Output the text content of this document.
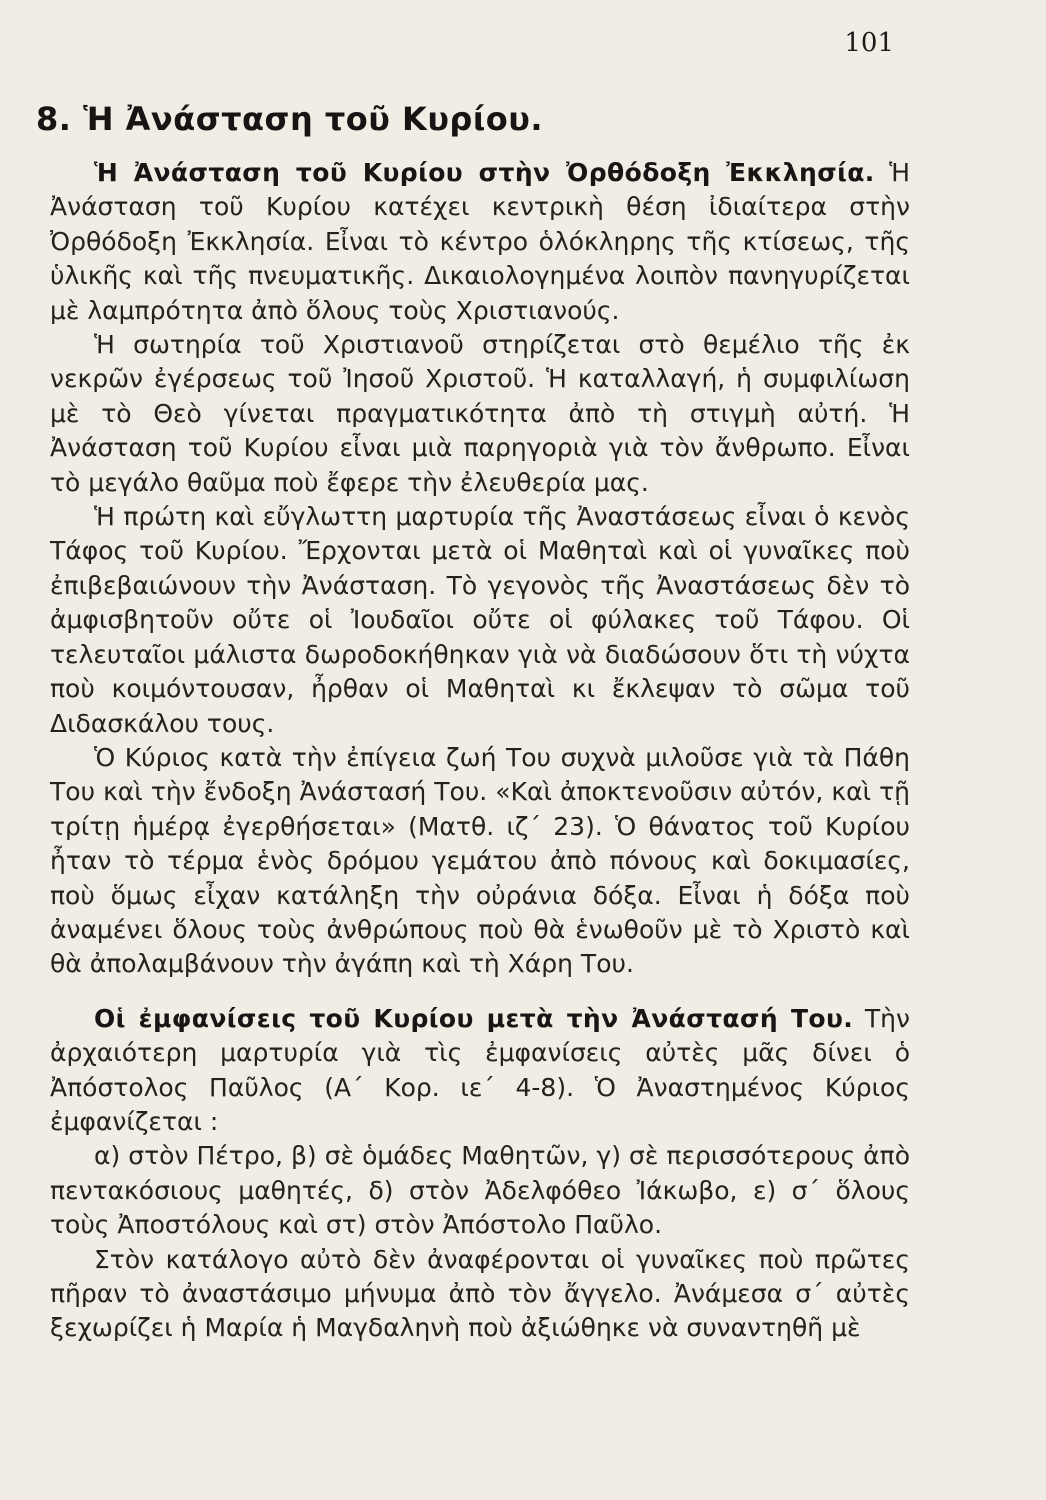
101
8. Ἡ Ἀνάσταση τοῦ Κυρίου.

Ἡ Ἀνάσταση τοῦ Κυρίου στὴν Ὀρθόδοξη Ἐκκλησία. Ἡ Ἀνάσταση τοῦ Κυρίου κατέχει κεντρικὴ θέση ἰδιαίτερα στὴν Ὀρθόδοξη Ἐκκλησία. Εἶναι τὸ κέντρο ὁλόκληρης τῆς κτίσεως, τῆς ὑλικῆς καὶ τῆς πνευματικῆς. Δικαιολογημένα λοιπὸν πανηγυρίζεται μὲ λαμπρότητα ἀπὸ ὅλους τοὺς Χριστιανούς.

Ἡ σωτηρία τοῦ Χριστιανοῦ στηρίζεται στὸ θεμέλιο τῆς ἐκ νεκρῶν ἐγέρσεως τοῦ Ἰησοῦ Χριστοῦ. Ἡ καταλλαγή, ἡ συμφιλίωση μὲ τὸ Θεὸ γίνεται πραγματικότητα ἀπὸ τὴ στιγμὴ αὐτή. Ἡ Ἀνάσταση τοῦ Κυρίου εἶναι μιὰ παρηγοριὰ γιὰ τὸν ἄνθρωπο. Εἶναι τὸ μεγάλο θαῦμα ποὺ ἔφερε τὴν ἐλευθερία μας.

Ἡ πρώτη καὶ εὔγλωττη μαρτυρία τῆς Ἀναστάσεως εἶναι ὁ κενὸς Τάφος τοῦ Κυρίου. Ἔρχονται μετὰ οἱ Μαθηταὶ καὶ οἱ γυναῖκες ποὺ ἐπιβεβαιώνουν τὴν Ἀνάσταση. Τὸ γεγονὸς τῆς Ἀναστάσεως δὲν τὸ ἀμφισβητοῦν οὔτε οἱ Ἰουδαῖοι οὔτε οἱ φύλακες τοῦ Τάφου. Οἱ τελευταῖοι μάλιστα δωροδοκήθηκαν γιὰ νὰ διαδώσουν ὅτι τὴ νύχτα ποὺ κοιμόντουσαν, ἦρθαν οἱ Μαθηταὶ κι ἔκλεψαν τὸ σῶμα τοῦ Διδασκάλου τους.

Ὁ Κύριος κατὰ τὴν ἐπίγεια ζωή Του συχνὰ μιλοῦσε γιὰ τὰ Πάθη Του καὶ τὴν ἔνδοξη Ἀνάστασή Του. «Καὶ ἀποκτενοῦσιν αὐτόν, καὶ τῇ τρίτῃ ἡμέρᾳ ἐγερθήσεται» (Ματθ. ιζ΄ 23). Ὁ θάνατος τοῦ Κυρίου ἦταν τὸ τέρμα ἑνὸς δρόμου γεμάτου ἀπὸ πόνους καὶ δοκιμασίες, ποὺ ὅμως εἶχαν κατάληξη τὴν οὐράνια δόξα. Εἶναι ἡ δόξα ποὺ ἀναμένει ὅλους τοὺς ἀνθρώπους ποὺ θὰ ἑνωθοῦν μὲ τὸ Χριστὸ καὶ θὰ ἀπολαμβάνουν τὴν ἀγάπη καὶ τὴ Χάρη Του.

Οἱ ἐμφανίσεις τοῦ Κυρίου μετὰ τὴν Ἀνάστασή Του. Τὴν ἀρχαιότερη μαρτυρία γιὰ τὶς ἐμφανίσεις αὐτὲς μᾶς δίνει ὁ Ἀπόστολος Παῦλος (Α΄ Κορ. ιε΄ 4-8). Ὁ Ἀναστημένος Κύριος ἐμφανίζεται :

α) στὸν Πέτρο, β) σὲ ὁμάδες Μαθητῶν, γ) σὲ περισσότερους ἀπὸ πεντακόσιους μαθητές, δ) στὸν Ἀδελφόθεο Ἰάκωβο, ε) σ΄ ὅλους τοὺς Ἀποστόλους καὶ στ) στὸν Ἀπόστολο Παῦλο.

Στὸν κατάλογο αὐτὸ δὲν ἀναφέρονται οἱ γυναῖκες ποὺ πρῶτες πῆραν τὸ ἀναστάσιμο μήνυμα ἀπὸ τὸν ἄγγελο. Ἀνάμεσα σ΄ αὐτὲς ξεχωρίζει ἡ Μαρία ἡ Μαγδαληνὴ ποὺ ἀξιώθηκε νὰ συναντηθῆ μὲ
